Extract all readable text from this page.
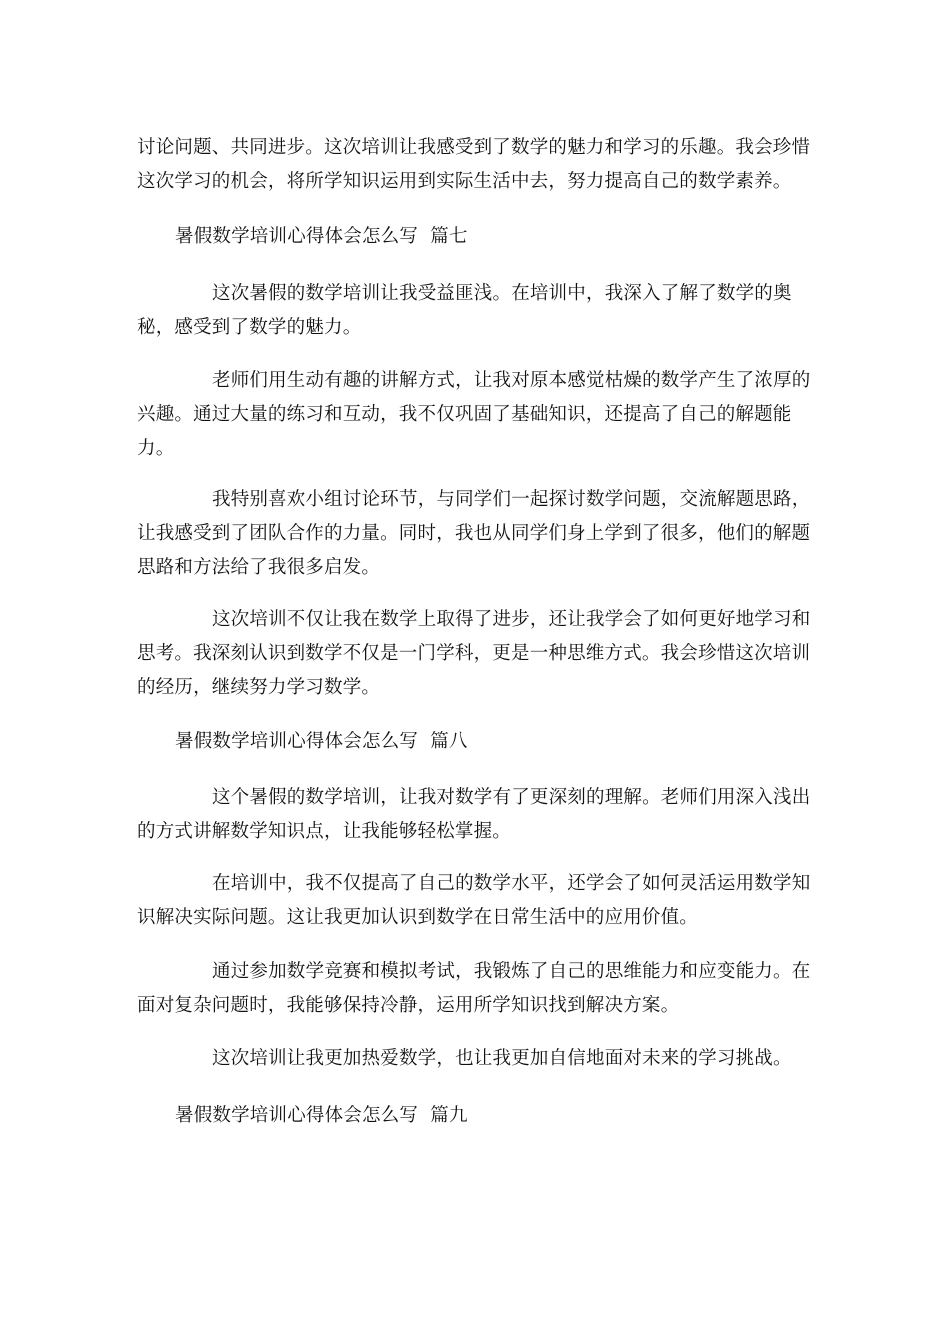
讨论问题、共同进步。这次培训让我感受到了数学的魅力和学习的乐趣。我会珍惜这次学习的机会，将所学知识运用到实际生活中去，努力提高自己的数学素养。
暑假数学培训心得体会怎么写  篇七
这次暑假的数学培训让我受益匪浅。在培训中，我深入了解了数学的奥秘，感受到了数学的魅力。
老师们用生动有趣的讲解方式，让我对原本感觉枯燥的数学产生了浓厚的兴趣。通过大量的练习和互动，我不仅巩固了基础知识，还提高了自己的解题能力。
我特别喜欢小组讨论环节，与同学们一起探讨数学问题，交流解题思路，让我感受到了团队合作的力量。同时，我也从同学们身上学到了很多，他们的解题思路和方法给了我很多启发。
这次培训不仅让我在数学上取得了进步，还让我学会了如何更好地学习和思考。我深刻认识到数学不仅是一门学科，更是一种思维方式。我会珍惜这次培训的经历，继续努力学习数学。
暑假数学培训心得体会怎么写  篇八
这个暑假的数学培训，让我对数学有了更深刻的理解。老师们用深入浅出的方式讲解数学知识点，让我能够轻松掌握。
在培训中，我不仅提高了自己的数学水平，还学会了如何灵活运用数学知识解决实际问题。这让我更加认识到数学在日常生活中的应用价值。
通过参加数学竞赛和模拟考试，我锻炼了自己的思维能力和应变能力。在面对复杂问题时，我能够保持冷静，运用所学知识找到解决方案。
这次培训让我更加热爱数学，也让我更加自信地面对未来的学习挑战。
暑假数学培训心得体会怎么写  篇九
